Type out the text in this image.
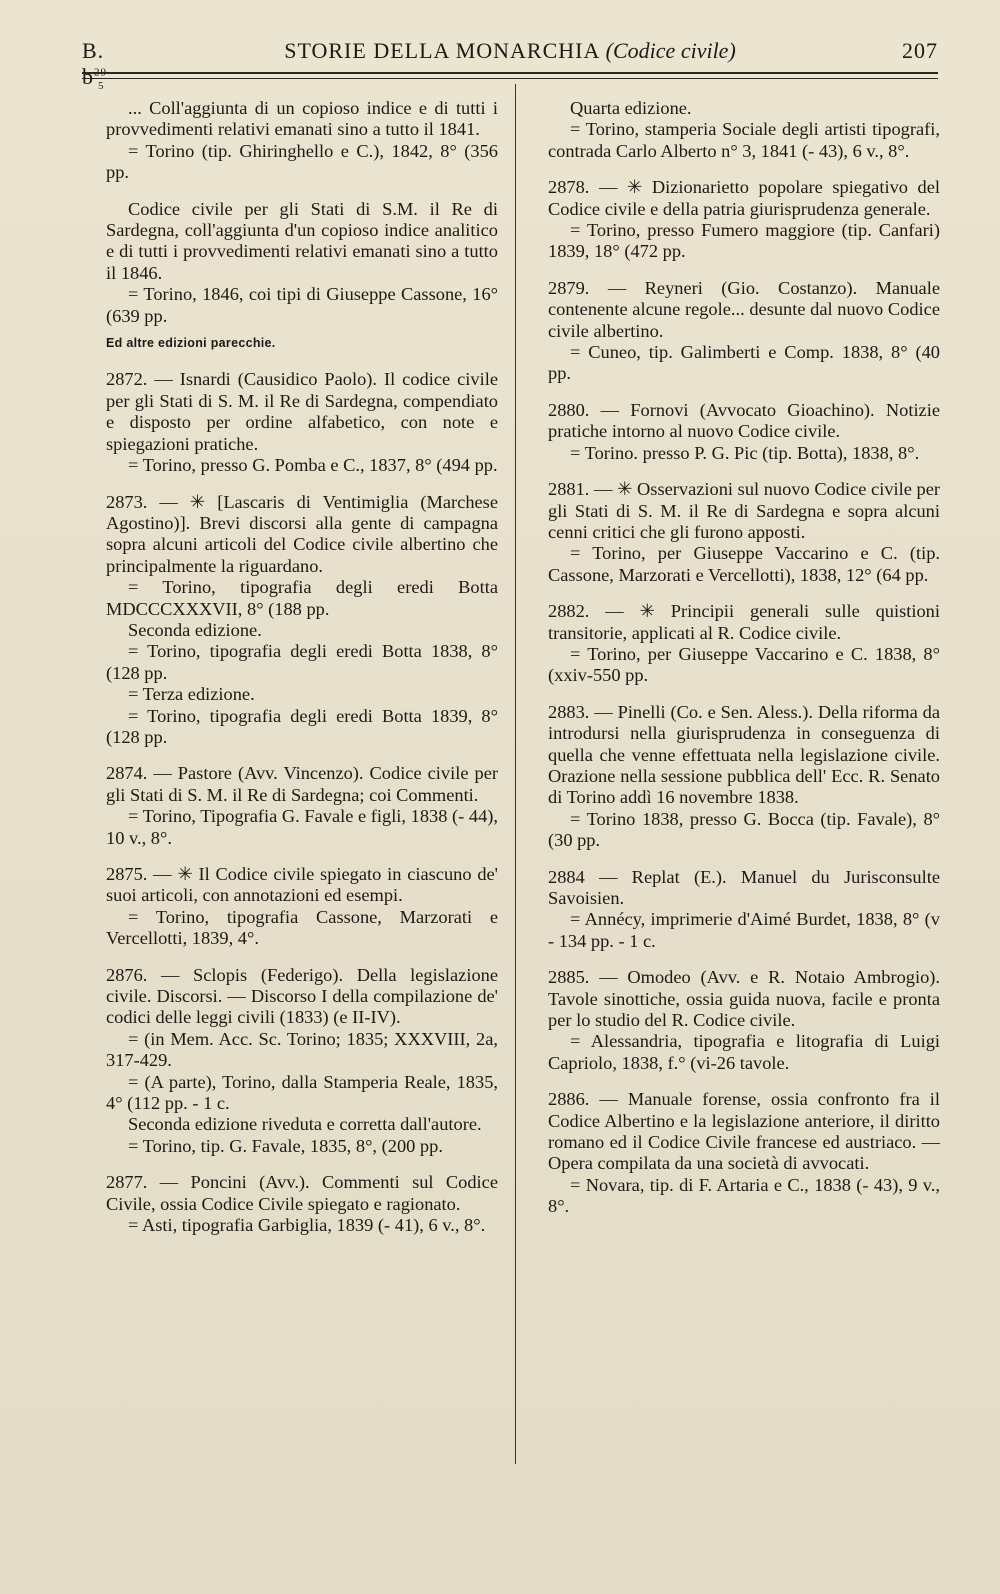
B. $b^{29}_5$
STORIE DELLA MONARCHIA (Codice civile)	207

... Coll'aggiunta di un copioso indice e di tutti i provvedimenti relativi emanati sino a tutto il 1841.

= Torino (tip. Ghiringhello e C.), 1842, 8° (356 pp.

Codice civile per gli Stati di S.M. il Re di Sardegna, coll'aggiunta d'un copioso indice analitico e di tutti i provvedimenti relativi emanati sino a tutto il 1846.

= Torino, 1846, coi tipi di Giuseppe Cassone, 16° (639 pp.

Ed altre edizioni parecchie.

2872. — Isnardi (Causidico Paolo). Il codice civile per gli Stati di S. M. il Re di Sardegna, compendiato e disposto per ordine alfabetico, con note e spiegazioni pratiche.

= Torino, presso G. Pomba e C., 1837, 8° (494 pp.

2873. — ✳ [Lascaris di Ventimiglia (Marchese Agostino)]. Brevi discorsi alla gente di campagna sopra alcuni articoli del Codice civile albertino che principalmente la riguardano.

= Torino, tipografia degli eredi Botta MDCCCXXXVII, 8° (188 pp.

Seconda edizione.

= Torino, tipografia degli eredi Botta 1838, 8° (128 pp.

= Terza edizione.

= Torino, tipografia degli eredi Botta 1839, 8° (128 pp.

2874. — Pastore (Avv. Vincenzo). Codice civile per gli Stati di S. M. il Re di Sardegna; coi Commenti.

= Torino, Tipografia G. Favale e figli, 1838 (- 44), 10 v., 8°.

2875. — ✳ Il Codice civile spiegato in ciascuno de' suoi articoli, con annotazioni ed esempi.

= Torino, tipografia Cassone, Marzorati e Vercellotti, 1839, 4°.

2876. — Sclopis (Federigo). Della legislazione civile. Discorsi. — Discorso I della compilazione de' codici delle leggi civili (1833) (e II-IV).

= (in Mem. Acc. Sc. Torino; 1835; XXXVIII, 2a, 317-429.

= (A parte), Torino, dalla Stamperia Reale, 1835, 4° (112 pp. - 1 c.

Seconda edizione riveduta e corretta dall'autore.

= Torino, tip. G. Favale, 1835, 8°, (200 pp.

2877. — Poncini (Avv.). Commenti sul Codice Civile, ossia Codice Civile spiegato e ragionato.

= Asti, tipografia Garbiglia, 1839 (- 41), 6 v., 8°.

Quarta edizione.

= Torino, stamperia Sociale degli artisti tipografi, contrada Carlo Alberto n° 3, 1841 (- 43), 6 v., 8°.

2878. — ✳ Dizionarietto popolare spiegativo del Codice civile e della patria giurisprudenza generale.

= Torino, presso Fumero maggiore (tip. Canfari) 1839, 18° (472 pp.

2879. — Reyneri (Gio. Costanzo). Manuale contenente alcune regole... desunte dal nuovo Codice civile albertino.

= Cuneo, tip. Galimberti e Comp. 1838, 8° (40 pp.

2880. — Fornovi (Avvocato Gioachino). Notizie pratiche intorno al nuovo Codice civile.

= Torino. presso P. G. Pic (tip. Botta), 1838, 8°.

2881. — ✳ Osservazioni sul nuovo Codice civile per gli Stati di S. M. il Re di Sardegna e sopra alcuni cenni critici che gli furono apposti.

= Torino, per Giuseppe Vaccarino e C. (tip. Cassone, Marzorati e Vercellotti), 1838, 12° (64 pp.

2882. — ✳ Principii generali sulle quistioni transitorie, applicati al R. Codice civile.

= Torino, per Giuseppe Vaccarino e C. 1838, 8° (xxiv-550 pp.

2883. — Pinelli (Co. e Sen. Aless.). Della riforma da introdursi nella giurisprudenza in conseguenza di quella che venne effettuata nella legislazione civile. Orazione nella sessione pubblica dell' Ecc. R. Senato di Torino addì 16 novembre 1838.

= Torino 1838, presso G. Bocca (tip. Favale), 8° (30 pp.

2884 — Replat (E.). Manuel du Jurisconsulte Savoisien.

= Annécy, imprimerie d'Aimé Burdet, 1838, 8° (v - 134 pp. - 1 c.

2885. — Omodeo (Avv. e R. Notaio Ambrogio). Tavole sinottiche, ossia guida nuova, facile e pronta per lo studio del R. Codice civile.

= Alessandria, tipografia e litografia di Luigi Capriolo, 1838, f.° (vi-26 tavole.

2886. — Manuale forense, ossia confronto fra il Codice Albertino e la legislazione anteriore, il diritto romano ed il Codice Civile francese ed austriaco. — Opera compilata da una società di avvocati.

= Novara, tip. di F. Artaria e C., 1838 (- 43), 9 v., 8°.
